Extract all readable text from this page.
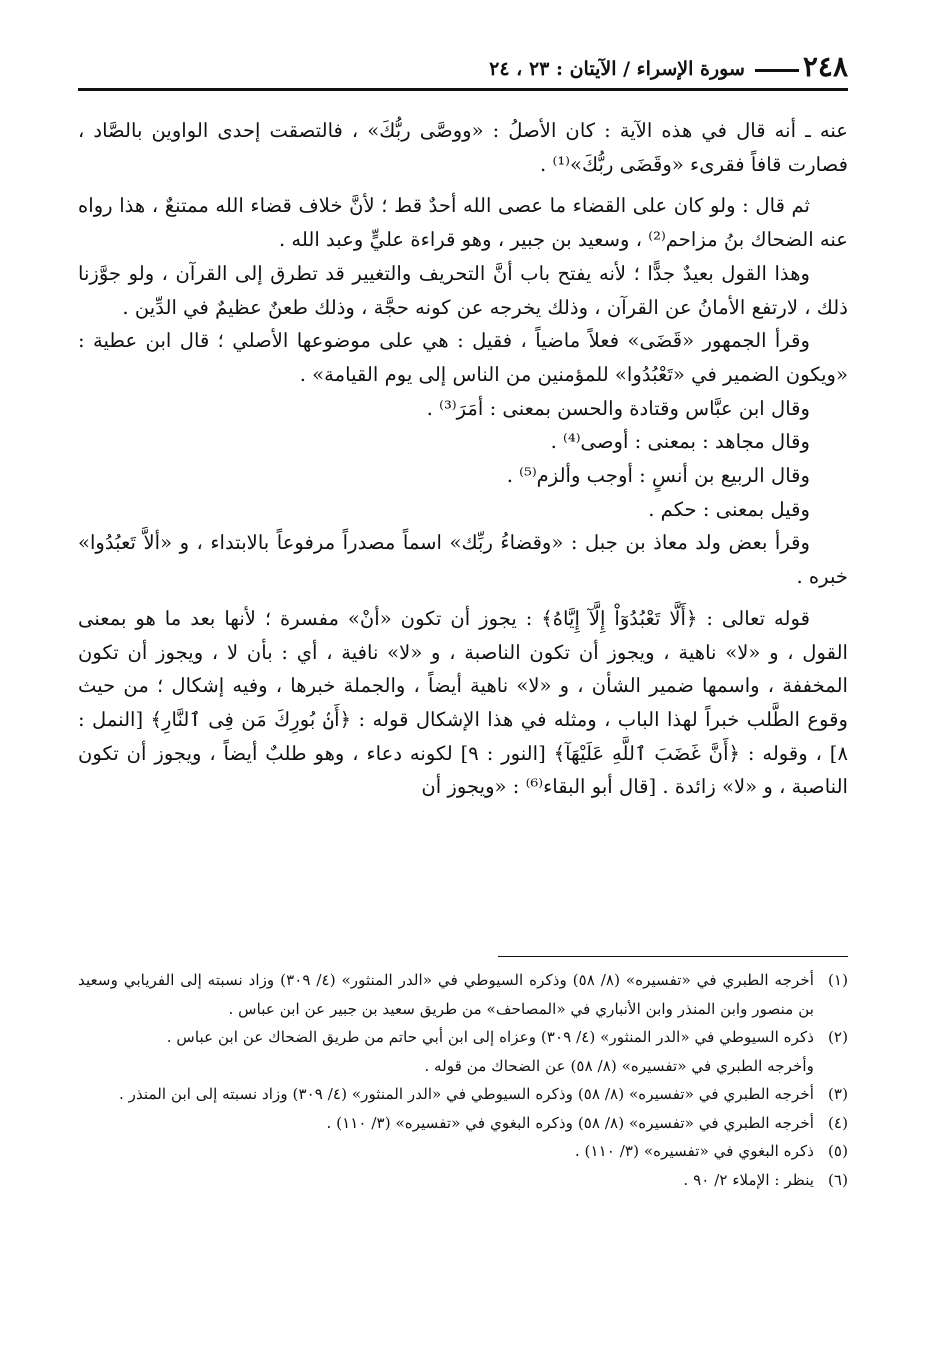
٢٤٨
سورة الإسراء / الآيتان : ٢٣ ، ٢٤

عنه ـ أنه قال في هذه الآية : كان الأصلُ : «ووصَّى ربُّكَ» ، فالتصقت إحدى الواوين بالصَّاد ، فصارت قافاً فقرىء «وقَضَى ربُّكَ»⁽¹⁾ .

ثم قال : ولو كان على القضاء ما عصى الله أحدٌ قط ؛ لأنَّ خلاف قضاء الله ممتنعٌ ، هذا رواه عنه الضحاك بنُ مزاحم⁽²⁾ ، وسعيد بن جبير ، وهو قراءة عليٍّ وعبد الله .

وهذا القول بعيدٌ جدًّا ؛ لأنه يفتح باب أنَّ التحريف والتغيير قد تطرق إلى القرآن ، ولو جوَّزنا ذلك ، لارتفع الأمانُ عن القرآن ، وذلك يخرجه عن كونه حجَّة ، وذلك طعنٌ عظيمٌ في الدِّين .

وقرأ الجمهور «قَضَى» فعلاً ماضياً ، فقيل : هي على موضوعها الأصلي ؛ قال ابن عطية : «ويكون الضمير في «تَعْبُدُوا» للمؤمنين من الناس إلى يوم القيامة» .

وقال ابن عبَّاس وقتادة والحسن بمعنى : أمَرَ⁽³⁾ .

وقال مجاهد : بمعنى : أوصى⁽⁴⁾ .

وقال الربيع بن أنسٍ : أوجب وألزم⁽⁵⁾ .

وقيل بمعنى : حكم .

وقرأ بعض ولد معاذ بن جبل : «وقضاءُ ربِّك» اسماً مصدراً مرفوعاً بالابتداء ، و «ألاَّ تَعبُدُوا» خبره .

قوله تعالى : ﴿أَلَّا تَعْبُدُوٓاْ إِلَّآ إِيَّاهُ﴾ : يجوز أن تكون «أنْ» مفسرة ؛ لأنها بعد ما هو بمعنى القول ، و «لا» ناهية ، ويجوز أن تكون الناصبة ، و «لا» نافية ، أي : بأن لا ، ويجوز أن تكون المخففة ، واسمها ضمير الشأن ، و «لا» ناهية أيضاً ، والجملة خبرها ، وفيه إشكال ؛ من حيث وقوع الطَّلب خبراً لهذا الباب ، ومثله في هذا الإشكال قوله : ﴿أَنۢ بُورِكَ مَن فِى ٱلنَّارِ﴾ [النمل : ٨] ، وقوله : ﴿أَنَّ غَضَبَ ٱللَّهِ عَلَيْهَآ﴾ [النور : ٩] لكونه دعاء ، وهو طلبٌ أيضاً ، ويجوز أن تكون الناصبة ، و «لا» زائدة . [قال أبو البقاء⁽⁶⁾ : «ويجوز أن

(١)
أخرجه الطبري في «تفسيره» (٨/ ٥٨) وذكره السيوطي في «الدر المنثور» (٤/ ٣٠٩) وزاد نسبته إلى الفريابي وسعيد بن منصور وابن المنذر وابن الأنباري في «المصاحف» من طريق سعيد بن جبير عن ابن عباس .
(٢)
ذكره السيوطي في «الدر المنثور» (٤/ ٣٠٩) وعزاه إلى ابن أبي حاتم من طريق الضحاك عن ابن عباس .
وأخرجه الطبري في «تفسيره» (٨/ ٥٨) عن الضحاك من قوله .
(٣)
أخرجه الطبري في «تفسيره» (٨/ ٥٨) وذكره السيوطي في «الدر المنثور» (٤/ ٣٠٩) وزاد نسبته إلى ابن المنذر .
(٤)
أخرجه الطبري في «تفسيره» (٨/ ٥٨) وذكره البغوي في «تفسيره» (٣/ ١١٠) .
(٥)
ذكره البغوي في «تفسيره» (٣/ ١١٠) .
(٦)
ينظر : الإملاء ٢/ ٩٠ .
